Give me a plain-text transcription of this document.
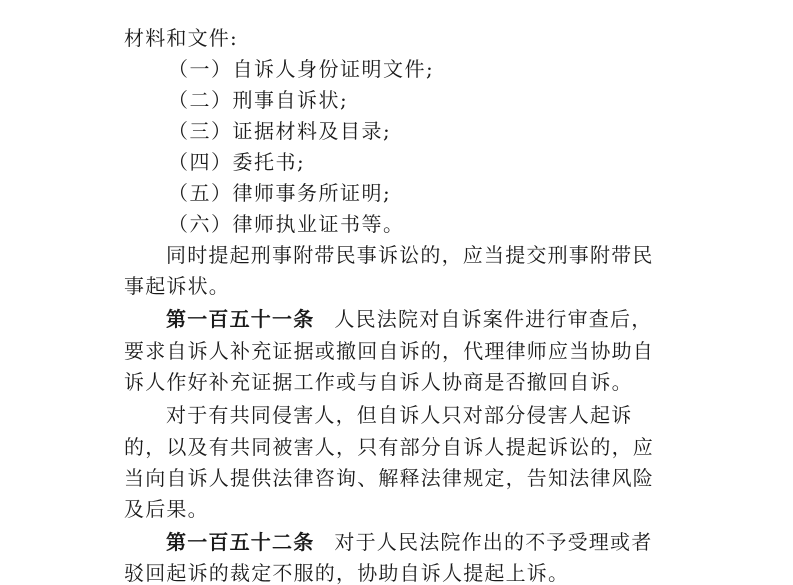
材料和文件:
（一）自诉人身份证明文件;
（二）刑事自诉状;
（三）证据材料及目录;
（四）委托书;
（五）律师事务所证明;
（六）律师执业证书等。
同时提起刑事附带民事诉讼的，应当提交刑事附带民
事起诉状。
第一百五十一条 人民法院对自诉案件进行审查后，
要求自诉人补充证据或撤回自诉的，代理律师应当协助自
诉人作好补充证据工作或与自诉人协商是否撤回自诉。
对于有共同侵害人，但自诉人只对部分侵害人起诉
的，以及有共同被害人，只有部分自诉人提起诉讼的，应
当向自诉人提供法律咨询、解释法律规定，告知法律风险
及后果。
第一百五十二条 对于人民法院作出的不予受理或者
驳回起诉的裁定不服的，协助自诉人提起上诉。
